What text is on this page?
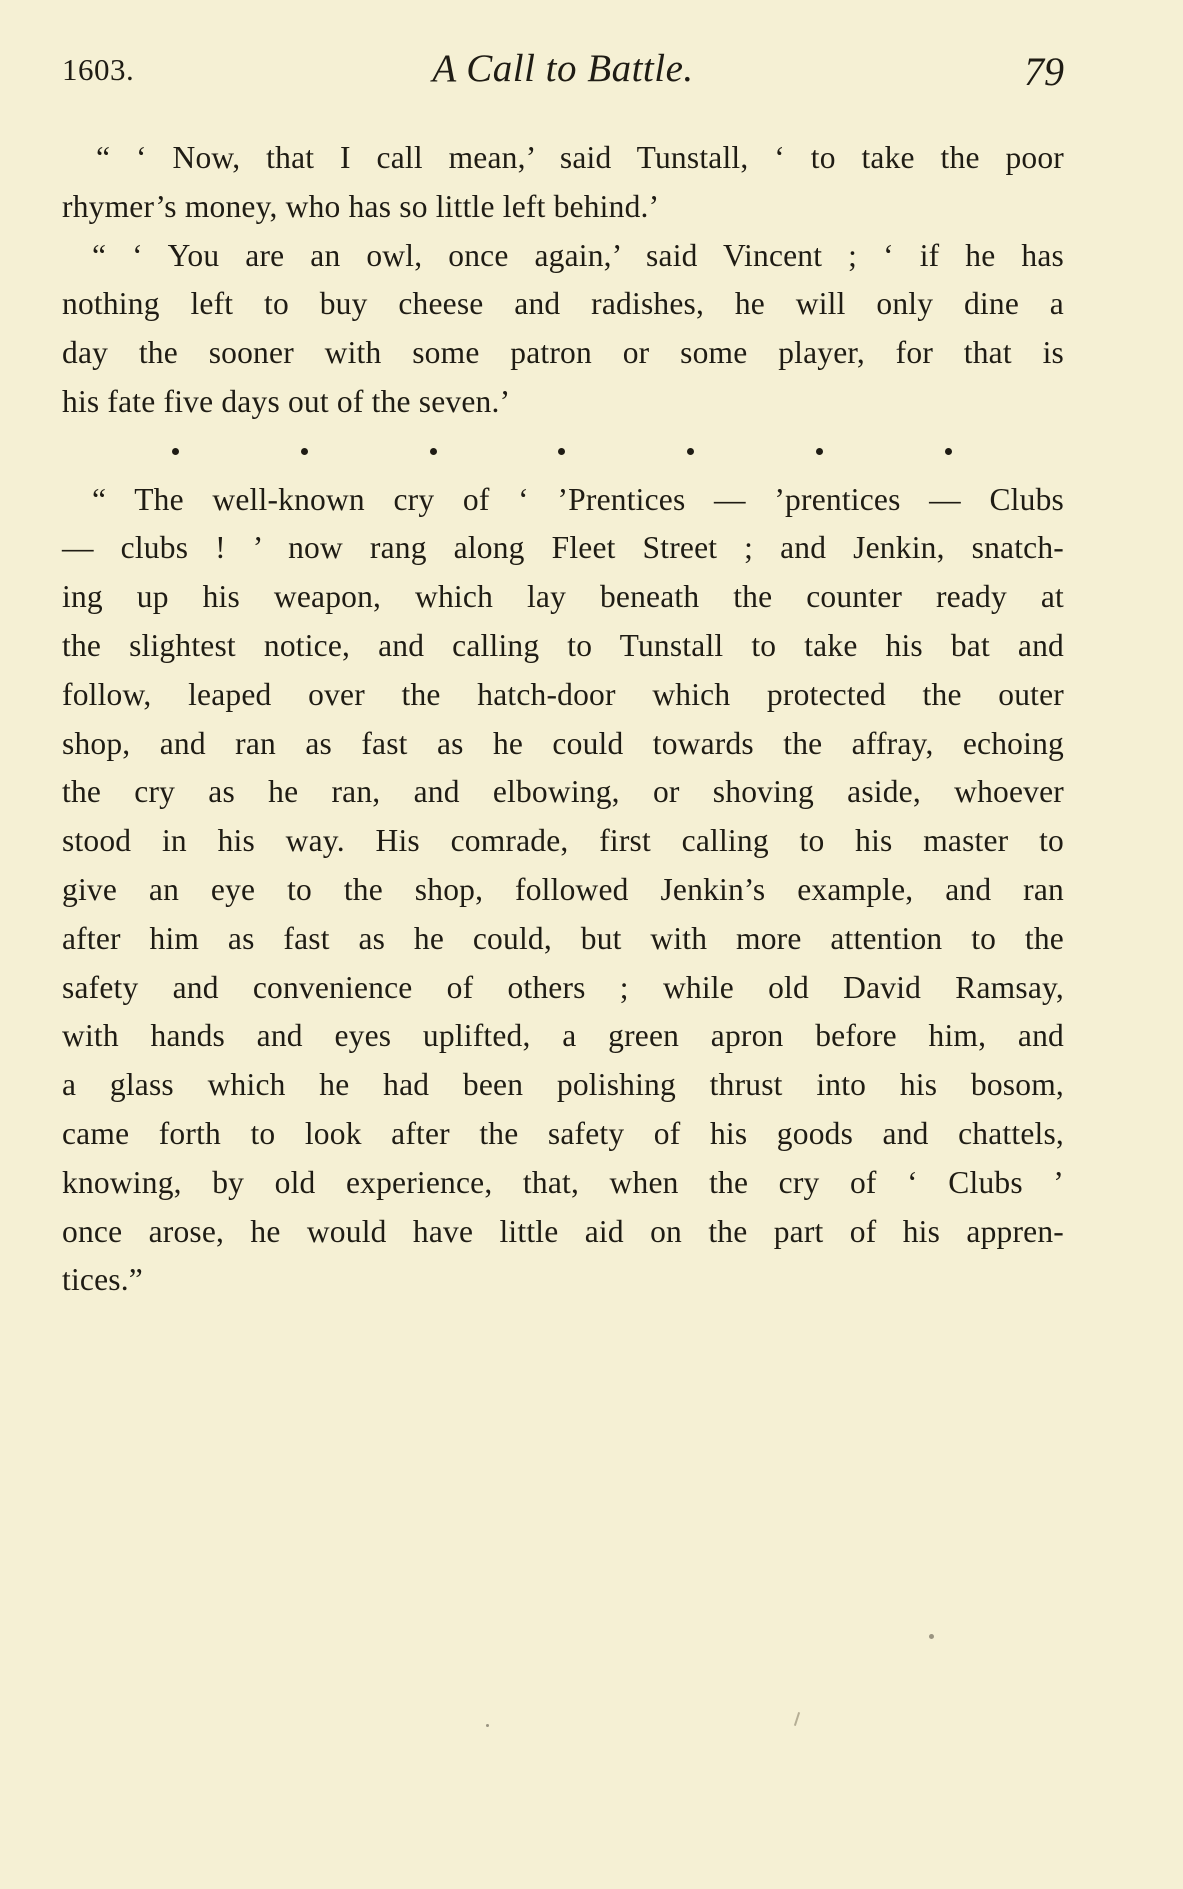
1603.	A Call to Battle.	79
“ ‘ Now, that I call mean,’ said Tunstall, ‘ to take the poor
rhymer’s money, who has so little left behind.’
“ ‘ You are an owl, once again,’ said Vincent ; ‘ if he has
nothing left to buy cheese and radishes, he will only dine a
day the sooner with some patron or some player, for that is
his fate five days out of the seven.’
“ The well-known cry of ‘ ’Prentices — ’prentices — Clubs
— clubs ! ’ now rang along Fleet Street ; and Jenkin, snatch-
ing up his weapon, which lay beneath the counter ready at
the slightest notice, and calling to Tunstall to take his bat and
follow, leaped over the hatch-door which protected the outer
shop, and ran as fast as he could towards the affray, echoing
the cry as he ran, and elbowing, or shoving aside, whoever
stood in his way. His comrade, first calling to his master to
give an eye to the shop, followed Jenkin’s example, and ran
after him as fast as he could, but with more attention to the
safety and convenience of others ; while old David Ramsay,
with hands and eyes uplifted, a green apron before him, and
a glass which he had been polishing thrust into his bosom,
came forth to look after the safety of his goods and chattels,
knowing, by old experience, that, when the cry of ‘ Clubs ’
once arose, he would have little aid on the part of his appren-
tices.”
